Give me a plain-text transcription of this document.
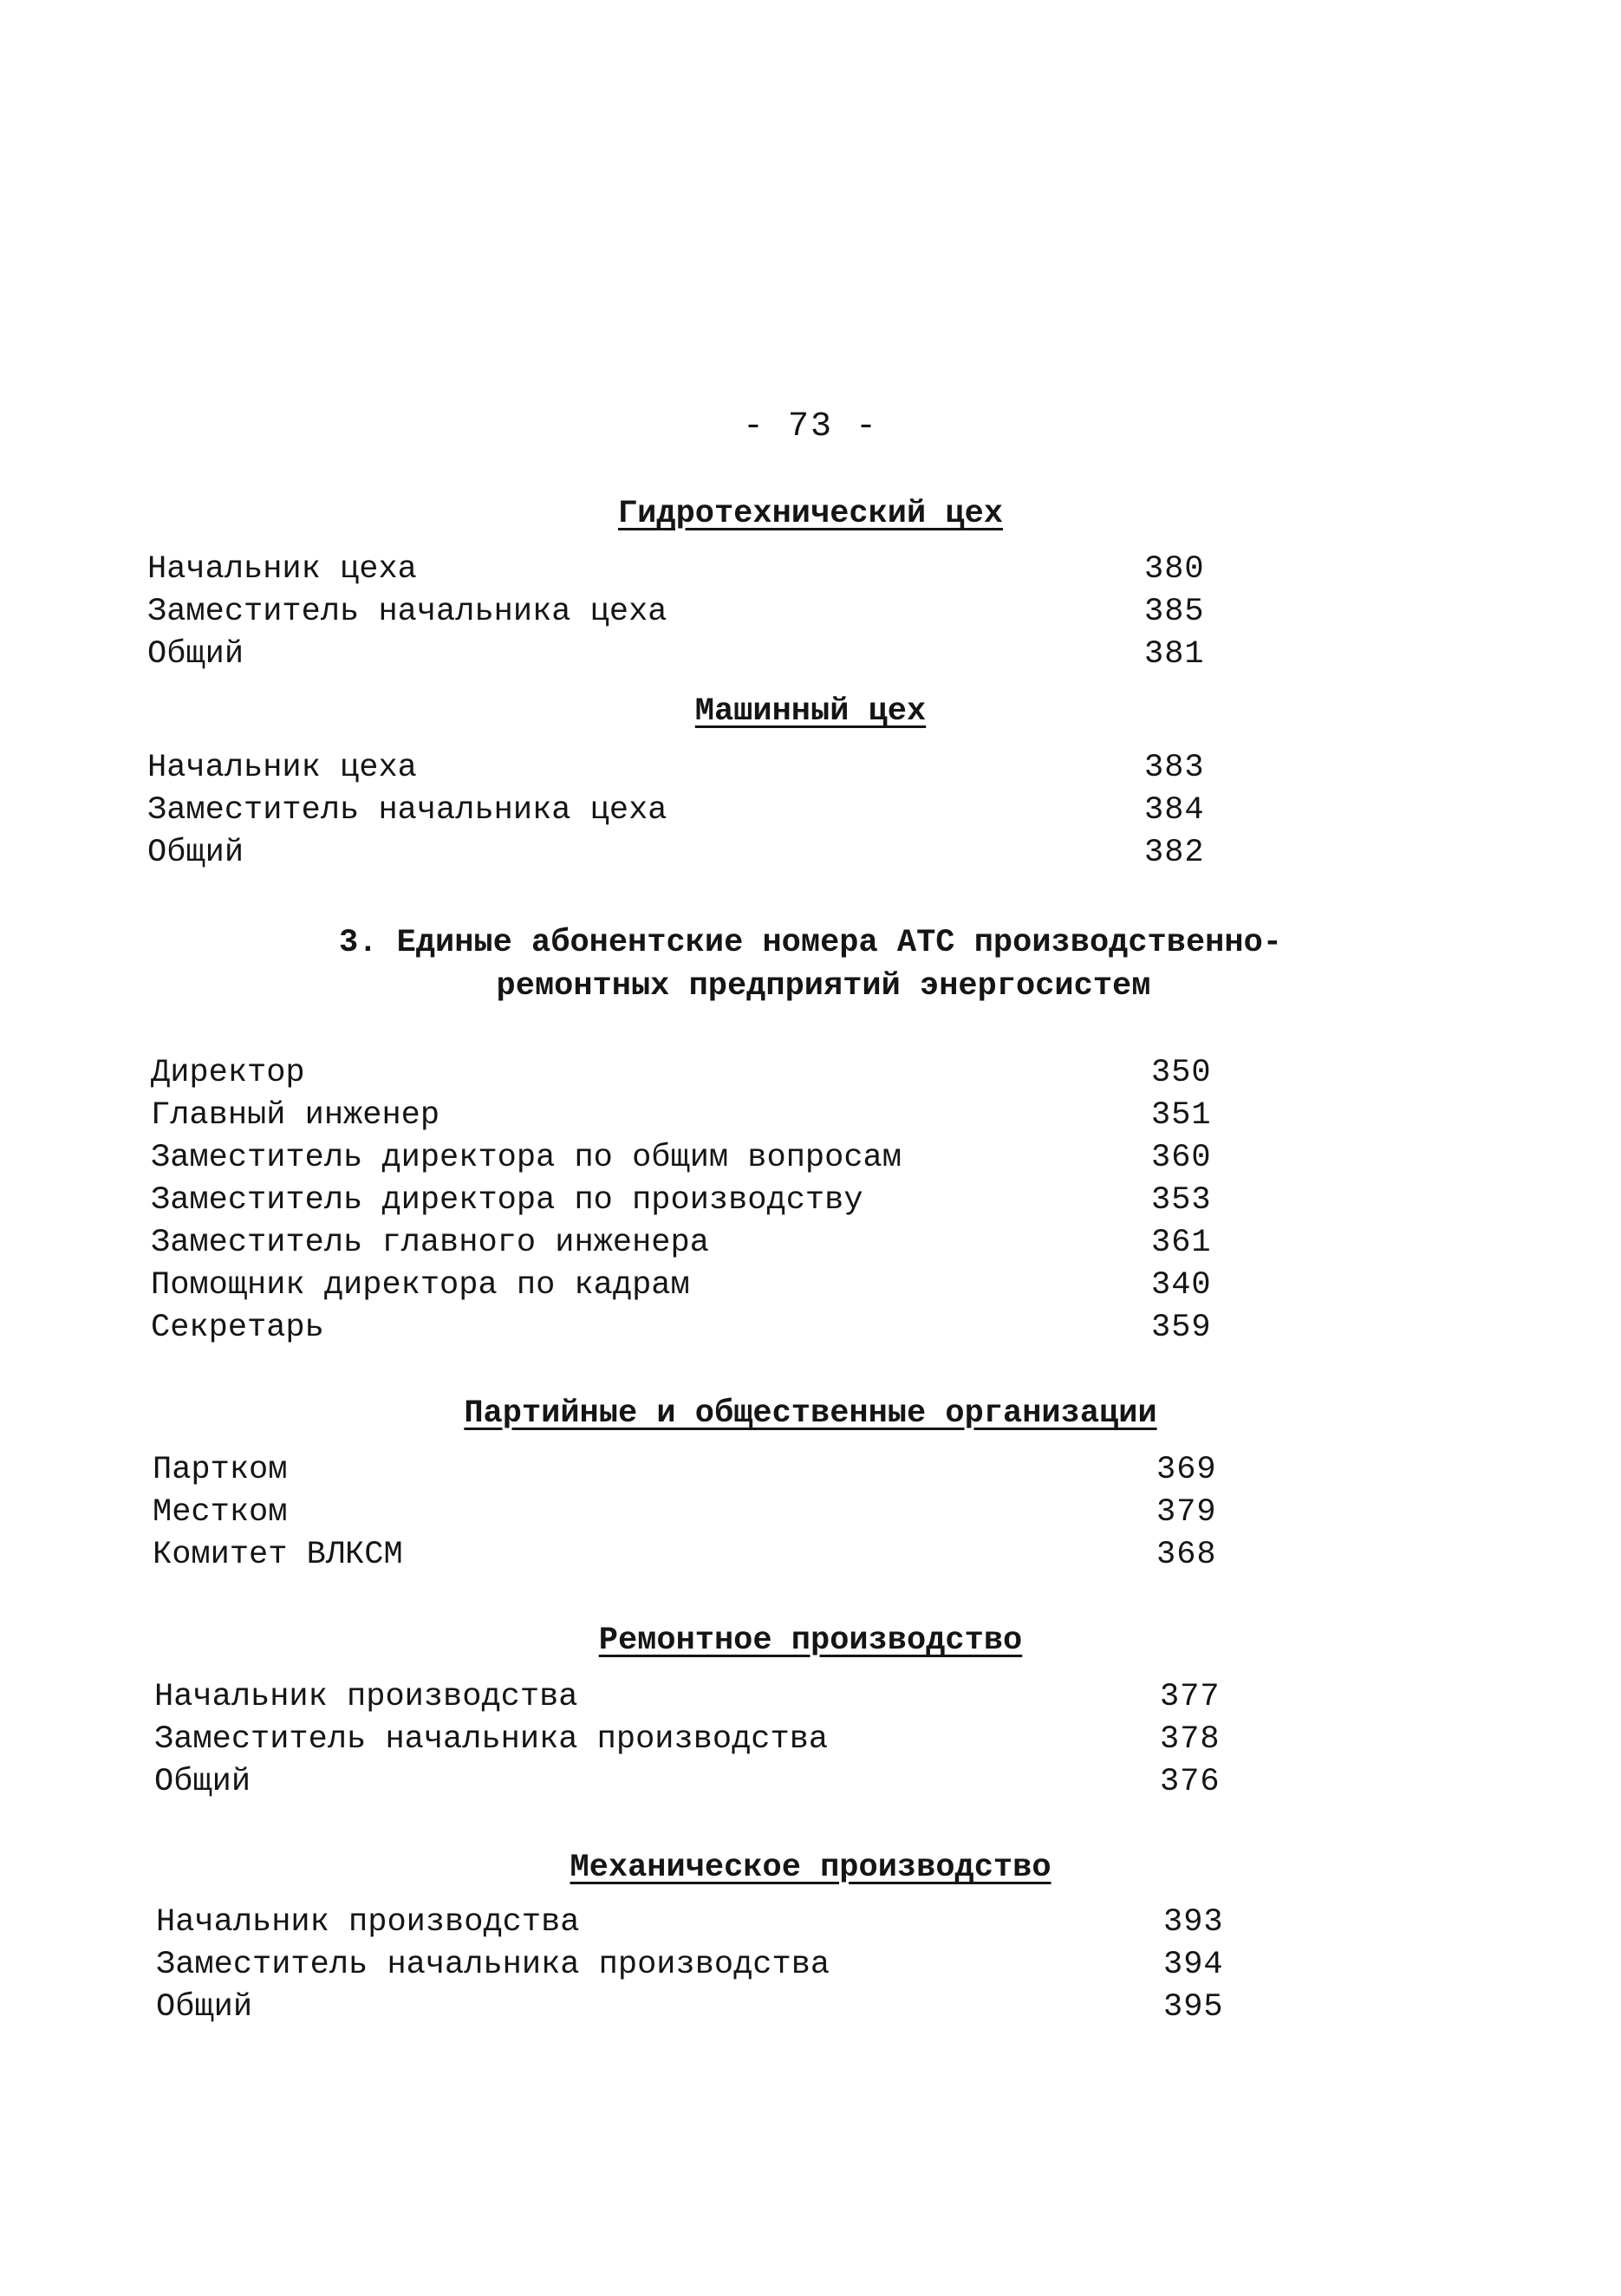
- 73 -
Гидротехнический цех
Начальник цеха	380
Заместитель начальника цеха	385
Общий	381
Машинный цех
Начальник цеха	383
Заместитель начальника цеха	384
Общий	382
3. Единые абонентские номера АТС производственно-
ремонтных предприятий энергосистем
Директор	350
Главный инженер	351
Заместитель директора по общим вопросам	360
Заместитель директора по производству	353
Заместитель главного инженера	361
Помощник директора по кадрам	340
Секретарь	359
Партийные и общественные организации
Партком	369
Местком	379
Комитет ВЛКСМ	368
Ремонтное производство
Начальник производства	377
Заместитель начальника производства	378
Общий	376
Механическое производство
Начальник производства	393
Заместитель начальника производства	394
Общий	395
